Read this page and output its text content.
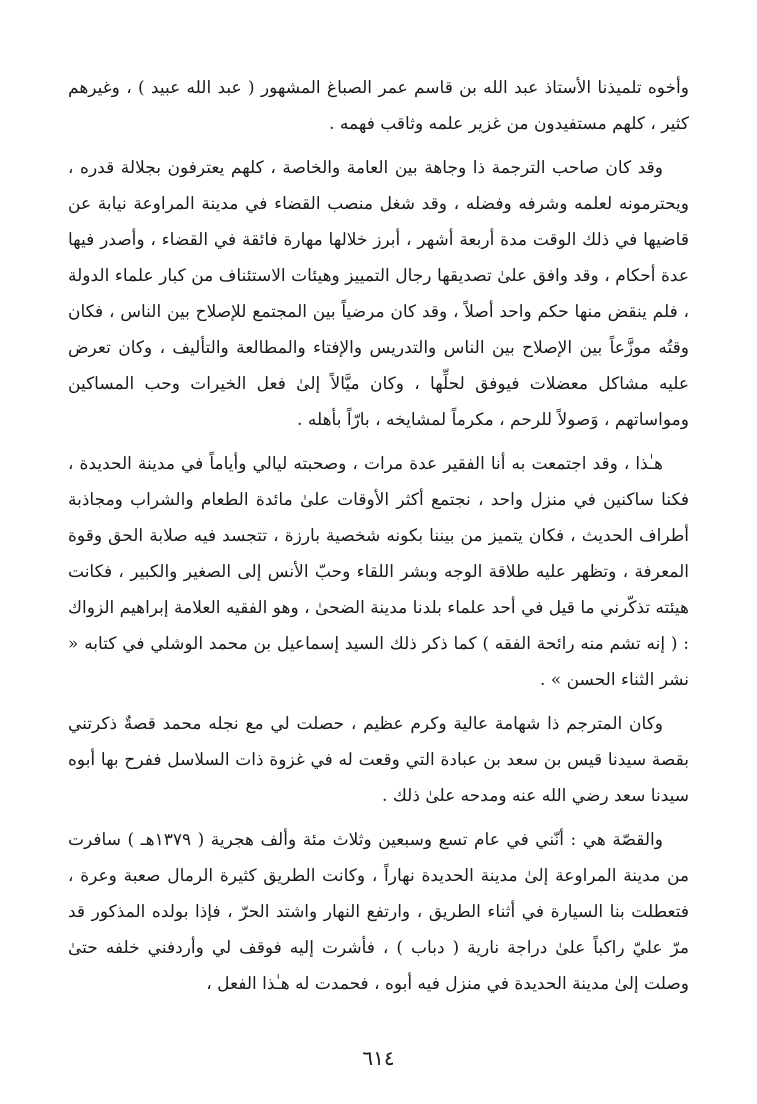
وأخوه تلميذنا الأستاذ عبد الله بن قاسم عمر الصباغ المشهور ( عبد الله عبيد ) ، وغيرهم كثير ، كلهم مستفيدون من غزير علمه وثاقب فهمه .

وقد كان صاحب الترجمة ذا وجاهة بين العامة والخاصة ، كلهم يعترفون بجلالة قدره ، ويحترمونه لعلمه وشرفه وفضله ، وقد شغل منصب القضاء في مدينة المراوعة نيابة عن قاضيها في ذلك الوقت مدة أربعة أشهر ، أبرز خلالها مهارة فائقة في القضاء ، وأصدر فيها عدة أحكام ، وقد وافق علىٰ تصديقها رجال التمييز وهيئات الاستئناف من كبار علماء الدولة ، فلم ينقض منها حكم واحد أصلاً ، وقد كان مرضياً بين المجتمع للإصلاح بين الناس ، فكان وقتُه موزَّعاً بين الإصلاح بين الناس والتدريس والإفتاء والمطالعة والتأليف ، وكان تعرض عليه مشاكل معضلات فيوفق لحلِّها ، وكان ميَّالاً إلىٰ فعل الخيرات وحب المساكين ومواساتهم ، وَصولاً للرحم ، مكرماً لمشايخه ، بارّاً بأهله .

هـٰذا ، وقد اجتمعت به أنا الفقير عدة مرات ، وصحبته ليالي وأياماً في مدينة الحديدة ، فكنا ساكنين في منزل واحد ، نجتمع أكثر الأوقات علىٰ مائدة الطعام والشراب ومجاذبة أطراف الحديث ، فكان يتميز من بيننا بكونه شخصية بارزة ، تتجسد فيه صلابة الحق وقوة المعرفة ، وتظهر عليه طلاقة الوجه وبشر اللقاء وحبّ الأنس إلى الصغير والكبير ، فكانت هيئته تذكّرني ما قيل في أحد علماء بلدنا مدينة الضحىٰ ، وهو الفقيه العلامة إبراهيم الزواك : ( إنه تشم منه رائحة الفقه ) كما ذكر ذلك السيد إسماعيل بن محمد الوشلي في كتابه « نشر الثناء الحسن » .

وكان المترجم ذا شهامة عالية وكرم عظيم ، حصلت لي مع نجله محمد قصةٌ ذكرتني بقصة سيدنا قيس بن سعد بن عبادة التي وقعت له في غزوة ذات السلاسل ففرح بها أبوه سيدنا سعد رضي الله عنه ومدحه علىٰ ذلك .

والقصّة هي : أنّني في عام تسع وسبعين وثلاث مئة وألف هجرية ( ١٣٧٩هـ ) سافرت من مدينة المراوعة إلىٰ مدينة الحديدة نهاراً ، وكانت الطريق كثيرة الرمال صعبة وعرة ، فتعطلت بنا السيارة في أثناء الطريق ، وارتفع النهار واشتد الحرّ ، فإذا بولده المذكور قد مرّ عليّ راكباً علىٰ دراجة نارية ( دباب ) ، فأشرت إليه فوقف لي وأردفني خلفه حتىٰ وصلت إلىٰ مدينة الحديدة في منزل فيه أبوه ، فحمدت له هـٰذا الفعل ،

٦١٤
